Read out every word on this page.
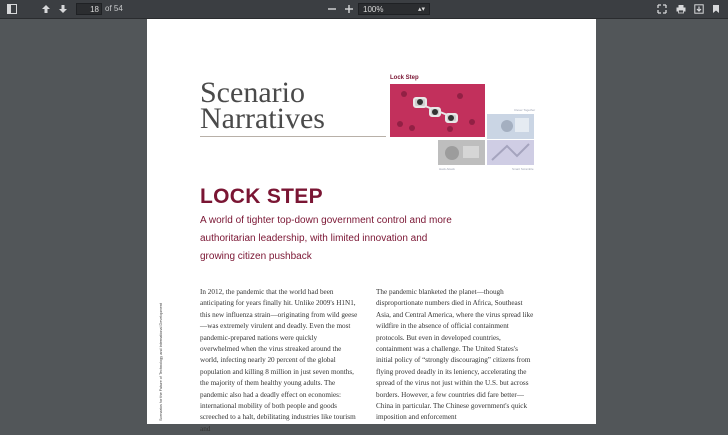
18 of 54	100%	▴▾
Scenario
Narratives
Lock Step
Clever Together
Hack Attack	Smart Scramble
LOCK STEP
A world of tighter top-down government control and more authoritarian leadership, with limited innovation and growing citizen pushback

In 2012, the pandemic that the world had been anticipating for years finally hit. Unlike 2009's H1N1, this new influenza strain—originating from wild geese—was extremely virulent and deadly. Even the most pandemic-prepared nations were quickly overwhelmed when the virus streaked around the world, infecting nearly 20 percent of the global population and killing 8 million in just seven months, the majority of them healthy young adults. The pandemic also had a deadly effect on economies: international mobility of both people and goods screeched to a halt, debilitating industries like tourism and

The pandemic blanketed the planet—though disproportionate numbers died in Africa, Southeast Asia, and Central America, where the virus spread like wildfire in the absence of official containment protocols. But even in developed countries, containment was a challenge. The United States's initial policy of “strongly discouraging” citizens from flying proved deadly in its leniency, accelerating the spread of the virus not just within the U.S. but across borders. However, a few countries did fare better—China in particular. The Chinese government's quick imposition and enforcement

Scenarios for the Future of Technology and International Development
